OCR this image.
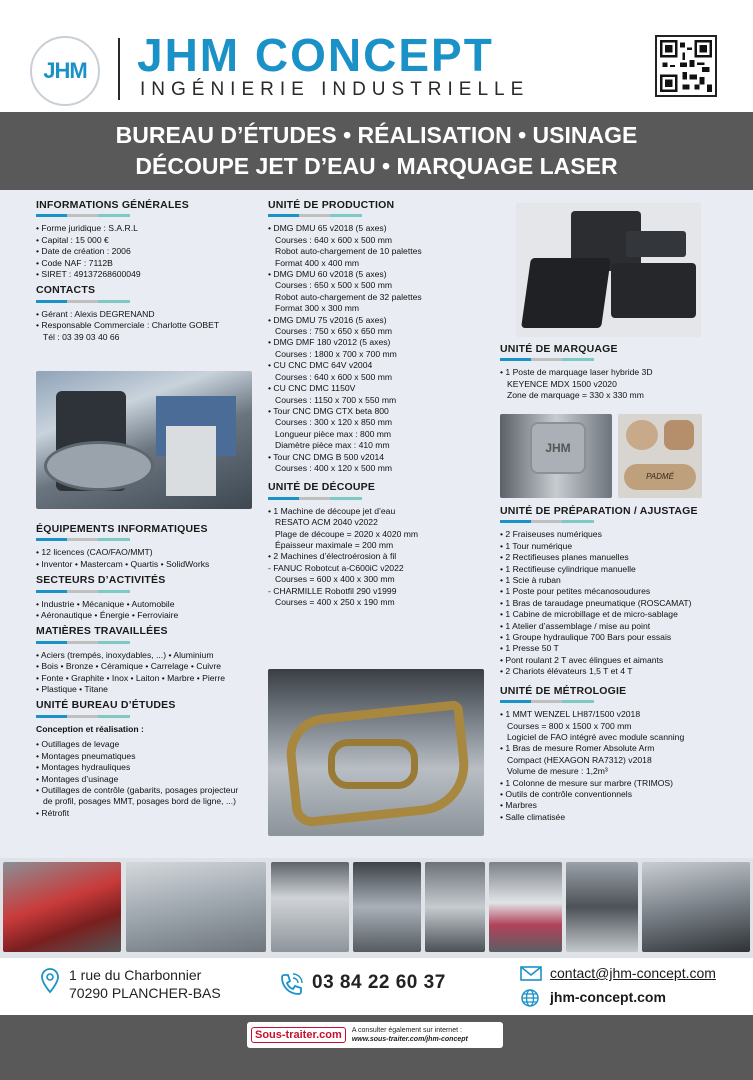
JHM JHM CONCEPT
INGÉNIERIE INDUSTRIELLE
BUREAU D’ÉTUDES • RÉALISATION • USINAGE
DÉCOUPE JET D’EAU • MARQUAGE LASER
INFORMATIONS GÉNÉRALES
• Forme juridique : S.A.R.L
• Capital : 15 000 €
• Date de création : 2006
• Code NAF : 7112B
• SIRET : 49137268600049
CONTACTS
• Gérant : Alexis DEGRENAND
• Responsable Commerciale : Charlotte GOBET
Tél : 03 39 03 40 66
ÉQUIPEMENTS INFORMATIQUES
• 12 licences (CAO/FAO/MMT)
• Inventor • Mastercam • Quartis • SolidWorks
SECTEURS D’ACTIVITÉS
• Industrie • Mécanique • Automobile
• Aéronautique • Énergie • Ferroviaire
MATIÈRES TRAVAILLÉES
• Aciers (trempés, inoxydables, ...) • Aluminium
• Bois • Bronze • Céramique • Carrelage • Cuivre
• Fonte • Graphite • Inox • Laiton • Marbre • Pierre
• Plastique • Titane
UNITÉ BUREAU D’ÉTUDES
Conception et réalisation :
• Outillages de levage
• Montages pneumatiques
• Montages hydrauliques
• Montages d’usinage
• Outillages de contrôle (gabarits, posages projecteur
de profil, posages MMT, posages bord de ligne, ...)
• Rétrofit
UNITÉ DE PRODUCTION
• DMG DMU 65 v2018 (5 axes)
Courses : 640 x 600 x 500 mm
Robot auto-chargement de 10 palettes
Format 400 x 400 mm
• DMG DMU 60 v2018 (5 axes)
Courses : 650 x 500 x 500 mm
Robot auto-chargement de 32 palettes
Format 300 x 300 mm
• DMG DMU 75 v2016 (5 axes)
Courses : 750 x 650 x 650 mm
• DMG DMF 180 v2012 (5 axes)
Courses : 1800 x 700 x 700 mm
• CU CNC DMC 64V v2004
Courses : 640 x 600 x 500 mm
• CU CNC DMC 1150V
Courses : 1150 x 700 x 550 mm
• Tour CNC DMG CTX beta 800
Courses : 300 x 120 x 850 mm
Longueur pièce max : 800 mm
Diamètre pièce max : 410 mm
• Tour CNC DMG B 500 v2014
Courses : 400 x 120 x 500 mm
UNITÉ DE DÉCOUPE
• 1 Machine de découpe jet d’eau
RESATO ACM 2040 v2022
Plage de découpe = 2020 x 4020 mm
Épaisseur maximale = 200 mm
• 2 Machines d’électroérosion à fil
- FANUC Robotcut a-C600iC v2022
Courses = 600 x 400 x 300 mm
- CHARMILLE Robotfil 290 v1999
Courses = 400 x 250 x 190 mm
UNITÉ DE MARQUAGE
• 1 Poste de marquage laser hybride 3D
KEYENCE MDX 1500 v2020
Zone de marquage = 330 x 330 mm
JHM
PADMÉ
UNITÉ DE PRÉPARATION / AJUSTAGE
• 2 Fraiseuses numériques
• 1 Tour numérique
• 2 Rectifieuses planes manuelles
• 1 Rectifieuse cylindrique manuelle
• 1 Scie à ruban
• 1 Poste pour petites mécanosoudures
• 1 Bras de taraudage pneumatique (ROSCAMAT)
• 1 Cabine de microbillage et de micro-sablage
• 1 Atelier d’assemblage / mise au point
• 1 Groupe hydraulique 700 Bars pour essais
• 1 Presse 50 T
• Pont roulant 2 T avec élingues et aimants
• 2 Chariots élévateurs 1,5 T et 4 T
UNITÉ DE MÉTROLOGIE
• 1 MMT WENZEL LH87/1500 v2018
Courses = 800 x 1500 x 700 mm
Logiciel de FAO intégré avec module scanning
• 1 Bras de mesure Romer Absolute Arm
Compact (HEXAGON RA7312) v2018
Volume de mesure : 1,2m³
• 1 Colonne de mesure sur marbre (TRIMOS)
• Outils de contrôle conventionnels
• Marbres
• Salle climatisée
1 rue du Charbonnier
70290 PLANCHER-BAS	03 84 22 60 37	contact@jhm-concept.com
jhm-concept.com
Sous-traiter.com	A consulter également sur internet :
www.sous-traiter.com/jhm-concept
